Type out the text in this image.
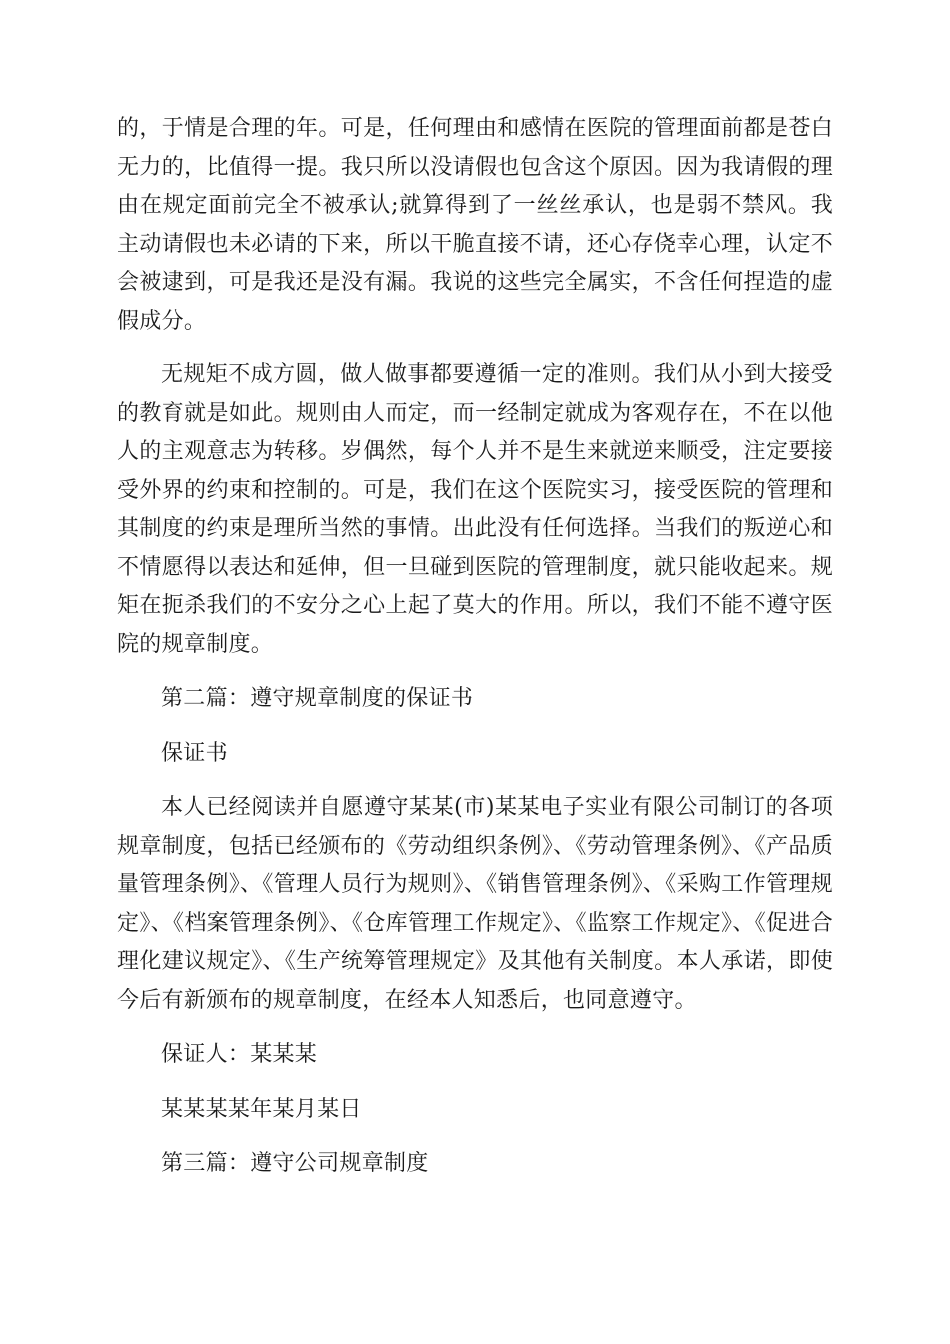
的，于情是合理的年。可是，任何理由和感情在医院的管理面前都是苍白无力的，比值得一提。我只所以没请假也包含这个原因。因为我请假的理由在规定面前完全不被承认;就算得到了一丝丝承认，也是弱不禁风。我主动请假也未必请的下来，所以干脆直接不请，还心存侥幸心理，认定不会被逮到，可是我还是没有漏。我说的这些完全属实，不含任何捏造的虚假成分。

无规矩不成方圆，做人做事都要遵循一定的准则。我们从小到大接受的教育就是如此。规则由人而定，而一经制定就成为客观存在，不在以他人的主观意志为转移。岁偶然，每个人并不是生来就逆来顺受，注定要接受外界的约束和控制的。可是，我们在这个医院实习，接受医院的管理和其制度的约束是理所当然的事情。出此没有任何选择。当我们的叛逆心和不情愿得以表达和延伸，但一旦碰到医院的管理制度，就只能收起来。规矩在扼杀我们的不安分之心上起了莫大的作用。所以，我们不能不遵守医院的规章制度。

第二篇：遵守规章制度的保证书

保证书

本人已经阅读并自愿遵守某某(市)某某电子实业有限公司制订的各项规章制度，包括已经颁布的《劳动组织条例》、《劳动管理条例》、《产品质量管理条例》、《管理人员行为规则》、《销售管理条例》、《采购工作管理规定》、《档案管理条例》、《仓库管理工作规定》、《监察工作规定》、《促进合理化建议规定》、《生产统筹管理规定》及其他有关制度。本人承诺，即使今后有新颁布的规章制度，在经本人知悉后，也同意遵守。

保证人：某某某

某某某某年某月某日

第三篇：遵守公司规章制度
